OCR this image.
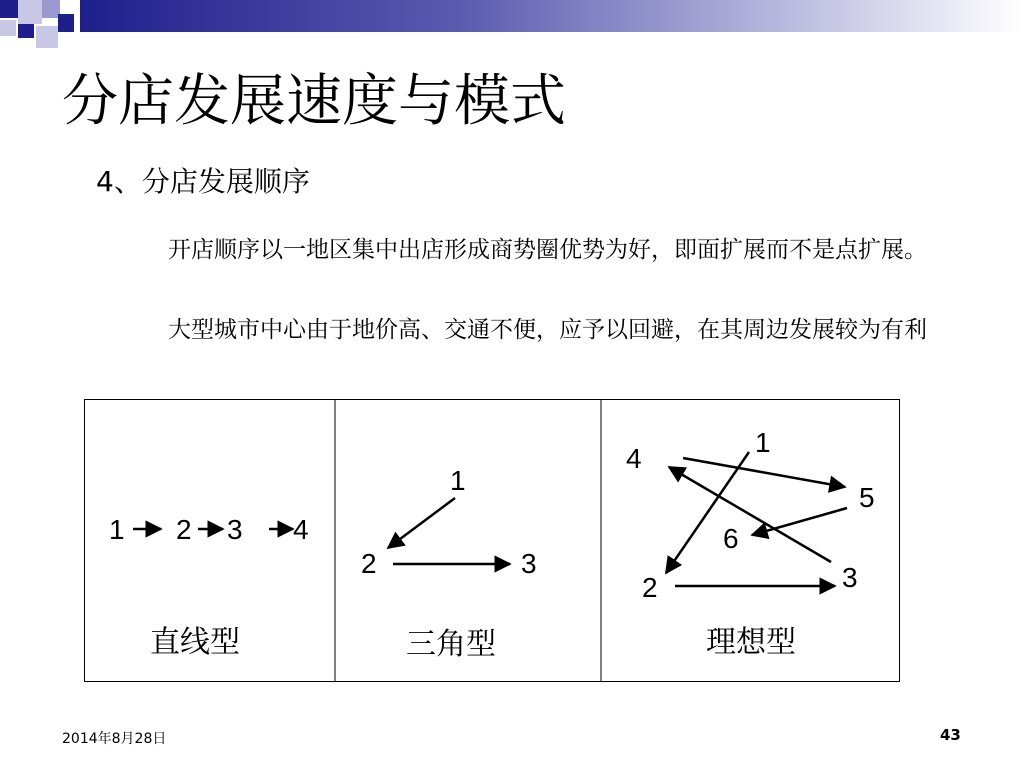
分店发展速度与模式

4、分店发展顺序

开店顺序以一地区集中出店形成商势圈优势为好，即面扩展而不是点扩展。

大型城市中心由于地价高、交通不便，应予以回避，在其周边发展较为有利

1 2 3 4
直线型
1
2	3
三角型
1
4
5
6
3
2
理想型
2014年8月28日	43
